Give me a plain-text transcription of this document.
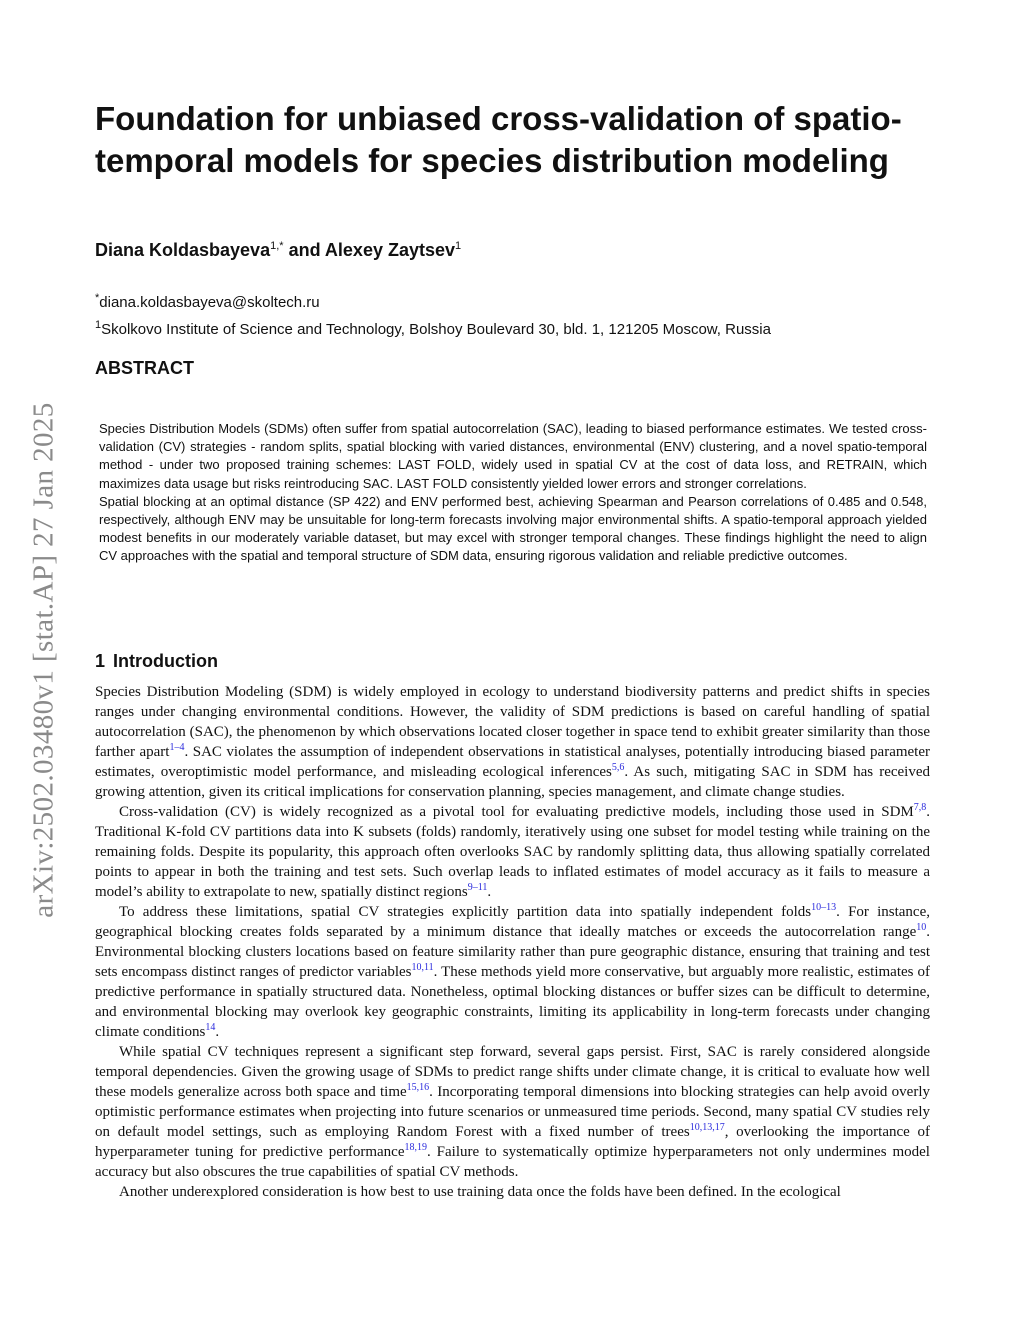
arXiv:2502.03480v1 [stat.AP] 27 Jan 2025
Foundation for unbiased cross-validation of spatio-temporal models for species distribution modeling
Diana Koldasbayeva$^{1,*}$ and Alexey Zaytsev$^1$
*diana.koldasbayeva@skoltech.ru
$^1$Skolkovo Institute of Science and Technology, Bolshoy Boulevard 30, bld. 1, 121205 Moscow, Russia
ABSTRACT

Species Distribution Models (SDMs) often suffer from spatial autocorrelation (SAC), leading to biased performance estimates. We tested cross-validation (CV) strategies - random splits, spatial blocking with varied distances, environmental (ENV) clustering, and a novel spatio-temporal method - under two proposed training schemes: LAST FOLD, widely used in spatial CV at the cost of data loss, and RETRAIN, which maximizes data usage but risks reintroducing SAC. LAST FOLD consistently yielded lower errors and stronger correlations.

Spatial blocking at an optimal distance (SP 422) and ENV performed best, achieving Spearman and Pearson correlations of 0.485 and 0.548, respectively, although ENV may be unsuitable for long-term forecasts involving major environmental shifts. A spatio-temporal approach yielded modest benefits in our moderately variable dataset, but may excel with stronger temporal changes. These findings highlight the need to align CV approaches with the spatial and temporal structure of SDM data, ensuring rigorous validation and reliable predictive outcomes.

1 Introduction

Species Distribution Modeling (SDM) is widely employed in ecology to understand biodiversity patterns and predict shifts in species ranges under changing environmental conditions. However, the validity of SDM predictions is based on careful handling of spatial autocorrelation (SAC), the phenomenon by which observations located closer together in space tend to exhibit greater similarity than those farther apart$^{1-4}$. SAC violates the assumption of independent observations in statistical analyses, potentially introducing biased parameter estimates, overoptimistic model performance, and misleading ecological inferences$^{5,6}$. As such, mitigating SAC in SDM has received growing attention, given its critical implications for conservation planning, species management, and climate change studies.

Cross-validation (CV) is widely recognized as a pivotal tool for evaluating predictive models, including those used in SDM$^{7,8}$. Traditional K-fold CV partitions data into K subsets (folds) randomly, iteratively using one subset for model testing while training on the remaining folds. Despite its popularity, this approach often overlooks SAC by randomly splitting data, thus allowing spatially correlated points to appear in both the training and test sets. Such overlap leads to inflated estimates of model accuracy as it fails to measure a model’s ability to extrapolate to new, spatially distinct regions$^{9-11}$.

To address these limitations, spatial CV strategies explicitly partition data into spatially independent folds$^{10-13}$. For instance, geographical blocking creates folds separated by a minimum distance that ideally matches or exceeds the autocorrelation range$^{10}$. Environmental blocking clusters locations based on feature similarity rather than pure geographic distance, ensuring that training and test sets encompass distinct ranges of predictor variables$^{10,11}$. These methods yield more conservative, but arguably more realistic, estimates of predictive performance in spatially structured data. Nonetheless, optimal blocking distances or buffer sizes can be difficult to determine, and environmental blocking may overlook key geographic constraints, limiting its applicability in long-term forecasts under changing climate conditions$^{14}$.

While spatial CV techniques represent a significant step forward, several gaps persist. First, SAC is rarely considered alongside temporal dependencies. Given the growing usage of SDMs to predict range shifts under climate change, it is critical to evaluate how well these models generalize across both space and time$^{15,16}$. Incorporating temporal dimensions into blocking strategies can help avoid overly optimistic performance estimates when projecting into future scenarios or unmeasured time periods. Second, many spatial CV studies rely on default model settings, such as employing Random Forest with a fixed number of trees$^{10,13,17}$, overlooking the importance of hyperparameter tuning for predictive performance$^{18,19}$. Failure to systematically optimize hyperparameters not only undermines model accuracy but also obscures the true capabilities of spatial CV methods.

Another underexplored consideration is how best to use training data once the folds have been defined. In the ecological
